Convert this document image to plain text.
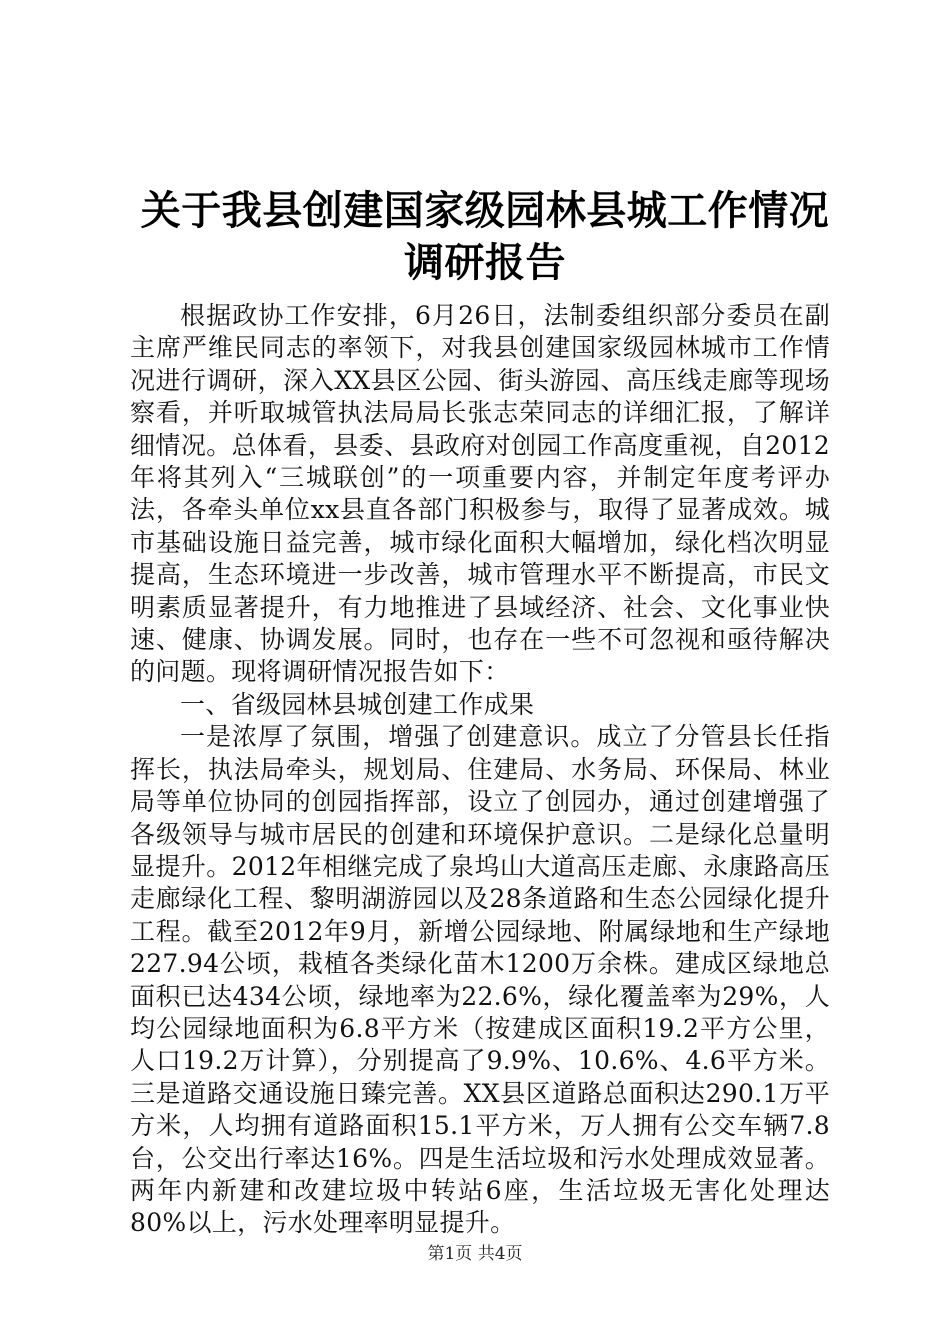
关于我县创建国家级园林县城工作情况调研报告

根据政协工作安排，6月26日，法制委组织部分委员在副主席严维民同志的率领下，对我县创建国家级园林城市工作情况进行调研，深入XX县区公园、街头游园、高压线走廊等现场察看，并听取城管执法局局长张志荣同志的详细汇报，了解详细情况。总体看，县委、县政府对创园工作高度重视，自2012年将其列入“三城联创”的一项重要内容，并制定年度考评办法，各牵头单位xx县直各部门积极参与，取得了显著成效。城市基础设施日益完善，城市绿化面积大幅增加，绿化档次明显提高，生态环境进一步改善，城市管理水平不断提高，市民文明素质显著提升，有力地推进了县域经济、社会、文化事业快速、健康、协调发展。同时，也存在一些不可忽视和亟待解决的问题。现将调研情况报告如下：

一、省级园林县城创建工作成果

一是浓厚了氛围，增强了创建意识。成立了分管县长任指挥长，执法局牵头，规划局、住建局、水务局、环保局、林业局等单位协同的创园指挥部，设立了创园办，通过创建增强了各级领导与城市居民的创建和环境保护意识。二是绿化总量明显提升。2012年相继完成了泉坞山大道高压走廊、永康路高压走廊绿化工程、黎明湖游园以及28条道路和生态公园绿化提升工程。截至2012年9月，新增公园绿地、附属绿地和生产绿地227.94公顷，栽植各类绿化苗木1200万余株。建成区绿地总面积已达434公顷，绿地率为22.6%，绿化覆盖率为29%，人均公园绿地面积为6.8平方米（按建成区面积19.2平方公里，人口19.2万计算），分别提高了9.9%、10.6%、4.6平方米。三是道路交通设施日臻完善。XX县区道路总面积达290.1万平方米，人均拥有道路面积15.1平方米，万人拥有公交车辆7.8台，公交出行率达16%。四是生活垃圾和污水处理成效显著。两年内新建和改建垃圾中转站6座，生活垃圾无害化处理达80%以上，污水处理率明显提升。

第1页 共4页
